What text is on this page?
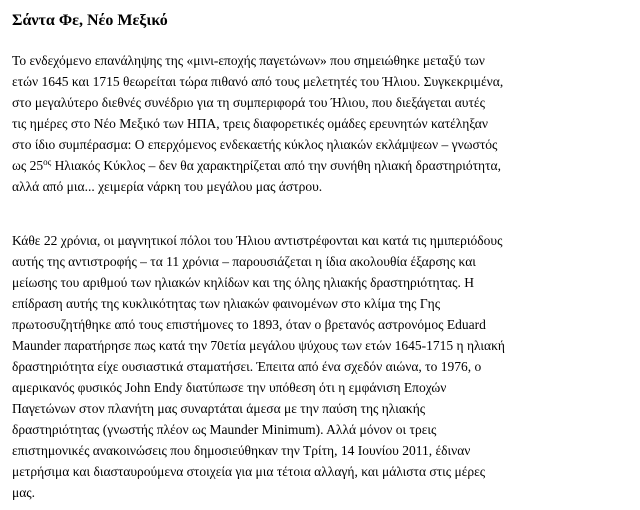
Σάντα Φε, Νέο Μεξικό

Το ενδεχόμενο επανάληψης της «μινι-εποχής παγετώνων» που σημειώθηκε μεταξύ των
ετών 1645 και 1715 θεωρείται τώρα πιθανό από τους μελετητές του Ήλιου. Συγκεκριμένα,
στο μεγαλύτερο διεθνές συνέδριο για τη συμπεριφορά του Ήλιου, που διεξάγεται αυτές
τις ημέρες στο Νέο Μεξικό των ΗΠΑ, τρεις διαφορετικές ομάδες ερευνητών κατέληξαν
στο ίδιο συμπέρασμα: Ο επερχόμενος ενδεκαετής κύκλος ηλιακών εκλάμψεων – γνωστός
ως $25^{o\varsigma}$ Ηλιακός Κύκλος – δεν θα χαρακτηρίζεται από την συνήθη ηλιακή δραστηριότητα,
αλλά από μια... χειμερία νάρκη του μεγάλου μας άστρου.

Κάθε 22 χρόνια, οι μαγνητικοί πόλοι του Ήλιου αντιστρέφονται και κατά τις ημιπεριόδους
αυτής της αντιστροφής – τα 11 χρόνια – παρουσιάζεται η ίδια ακολουθία έξαρσης και
μείωσης του αριθμού των ηλιακών κηλίδων και της όλης ηλιακής δραστηριότητας. Η
επίδραση αυτής της κυκλικότητας των ηλιακών φαινομένων στο κλίμα της Γης
πρωτοσυζητήθηκε από τους επιστήμονες το 1893, όταν ο βρετανός αστρονόμος Eduard
Maunder παρατήρησε πως κατά την 70ετία μεγάλου ψύχους των ετών 1645-1715 η ηλιακή
δραστηριότητα είχε ουσιαστικά σταματήσει. Έπειτα από ένα σχεδόν αιώνα, το 1976, ο
αμερικανός φυσικός John Endy διατύπωσε την υπόθεση ότι η εμφάνιση Εποχών
Παγετώνων στον πλανήτη μας συναρτάται άμεσα με την παύση της ηλιακής
δραστηριότητας (γνωστής πλέον ως Maunder Minimum). Αλλά μόνον οι τρεις
επιστημονικές ανακοινώσεις που δημοσιεύθηκαν την Τρίτη, 14 Ιουνίου 2011, έδιναν
μετρήσιμα και διασταυρούμενα στοιχεία για μια τέτοια αλλαγή, και μάλιστα στις μέρες
μας.
